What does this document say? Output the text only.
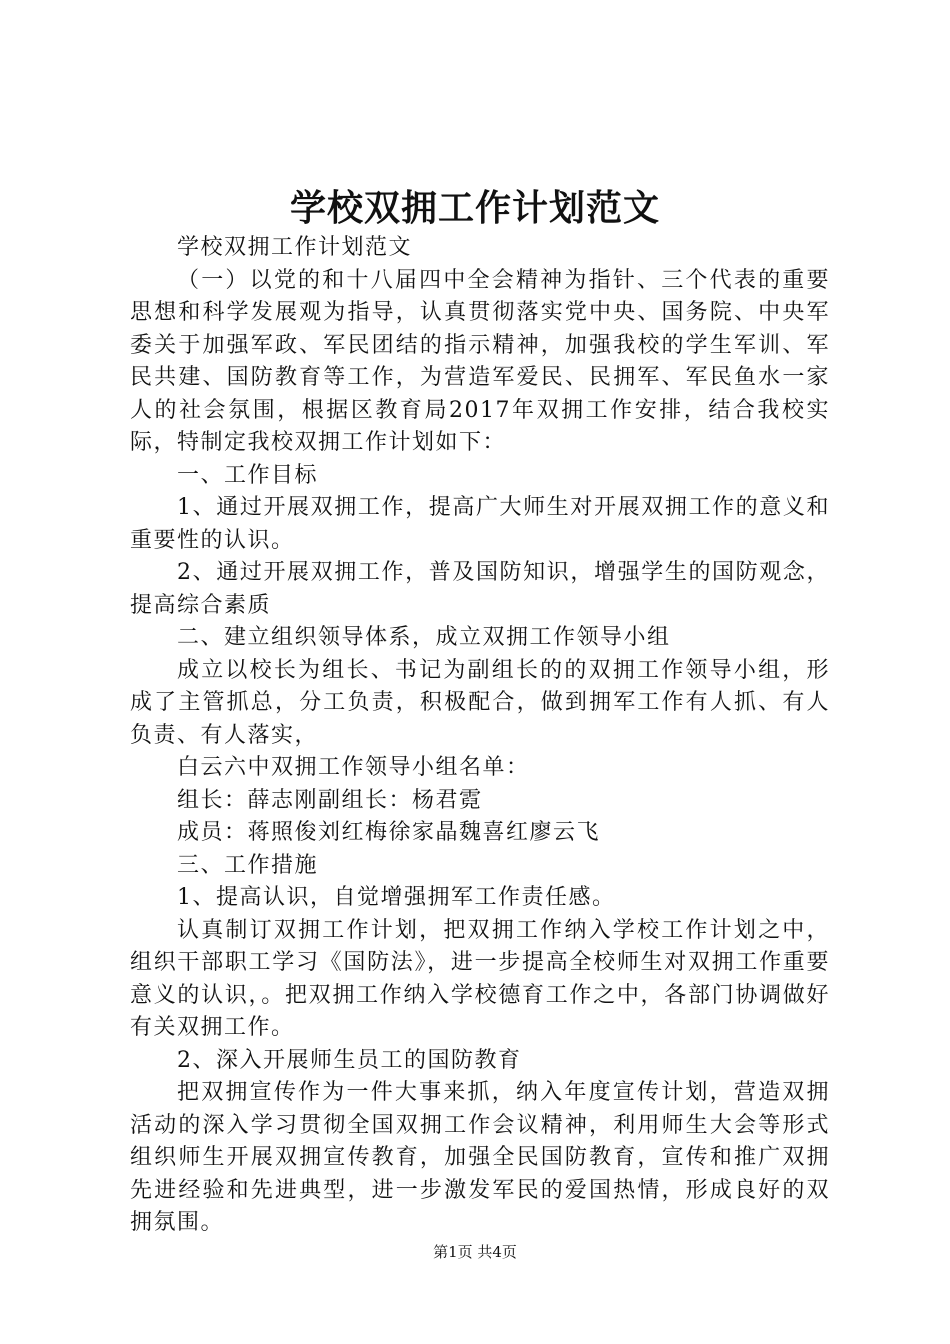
学校双拥工作计划范文

学校双拥工作计划范文

（一）以党的和十八届四中全会精神为指针、三个代表的重要思想和科学发展观为指导，认真贯彻落实党中央、国务院、中央军委关于加强军政、军民团结的指示精神，加强我校的学生军训、军民共建、国防教育等工作，为营造军爱民、民拥军、军民鱼水一家人的社会氛围，根据区教育局2017年双拥工作安排，结合我校实际，特制定我校双拥工作计划如下：

一、工作目标

1、通过开展双拥工作，提高广大师生对开展双拥工作的意义和重要性的认识。

2、通过开展双拥工作，普及国防知识，增强学生的国防观念，提高综合素质

二、建立组织领导体系，成立双拥工作领导小组

成立以校长为组长、书记为副组长的的双拥工作领导小组，形成了主管抓总，分工负责，积极配合，做到拥军工作有人抓、有人负责、有人落实，

白云六中双拥工作领导小组名单：

组长：薛志刚副组长：杨君霓

成员：蒋照俊刘红梅徐家晶魏喜红廖云飞

三、工作措施

1、提高认识，自觉增强拥军工作责任感。

认真制订双拥工作计划，把双拥工作纳入学校工作计划之中，组织干部职工学习《国防法》，进一步提高全校师生对双拥工作重要意义的认识，。把双拥工作纳入学校德育工作之中，各部门协调做好有关双拥工作。

2、深入开展师生员工的国防教育

把双拥宣传作为一件大事来抓，纳入年度宣传计划，营造双拥活动的深入学习贯彻全国双拥工作会议精神，利用师生大会等形式组织师生开展双拥宣传教育，加强全民国防教育，宣传和推广双拥先进经验和先进典型，进一步激发军民的爱国热情，形成良好的双拥氛围。

第1页 共4页
